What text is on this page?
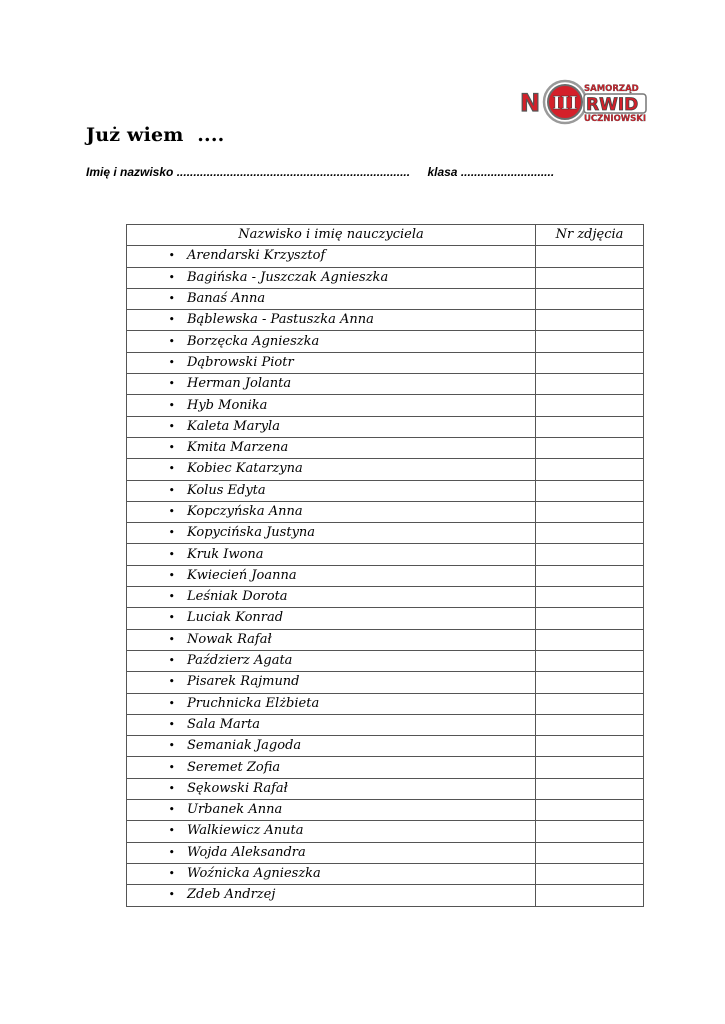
SAMORZĄD
UCZNIOWSKI
N III RWID
Już wiem  ....
Imię i nazwisko ...................................................................... klasa ............................
Nazwisko i imię nauczyciela	Nr zdjęcia
• Arendarski Krzysztof	
• Bagińska - Juszczak Agnieszka	
• Banaś Anna	
• Bąblewska - Pastuszka Anna	
• Borzęcka Agnieszka	
• Dąbrowski Piotr	
• Herman Jolanta	
• Hyb Monika	
• Kaleta Maryla	
• Kmita Marzena	
• Kobiec Katarzyna	
• Kolus Edyta	
• Kopczyńska Anna	
• Kopycińska Justyna	
• Kruk Iwona	
• Kwiecień Joanna	
• Leśniak Dorota	
• Luciak Konrad	
• Nowak Rafał	
• Paździerz Agata	
• Pisarek Rajmund	
• Pruchnicka Elżbieta	
• Sala Marta	
• Semaniak Jagoda	
• Seremet Zofia	
• Sękowski Rafał	
• Urbanek Anna	
• Walkiewicz Anuta	
• Wojda Aleksandra	
• Woźnicka Agnieszka	
• Zdeb Andrzej	
